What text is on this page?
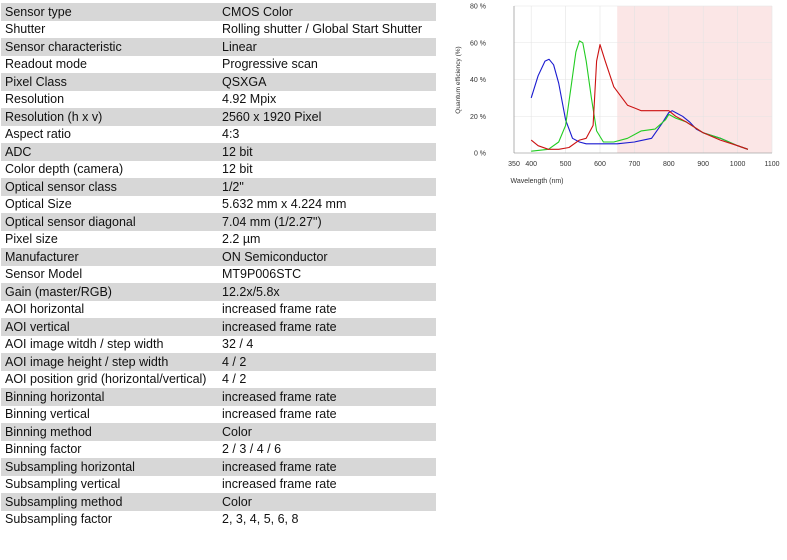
Sensor type	CMOS Color
Shutter	Rolling shutter / Global Start Shutter
Sensor characteristic	Linear
Readout mode	Progressive scan
Pixel Class	QSXGA
Resolution	4.92 Mpix
Resolution (h x v)	2560 x 1920 Pixel
Aspect ratio	4:3
ADC	12 bit
Color depth (camera)	12 bit
Optical sensor class	1/2"
Optical Size	5.632 mm x 4.224 mm
Optical sensor diagonal	7.04 mm (1/2.27")
Pixel size	2.2 µm
Manufacturer	ON Semiconductor
Sensor Model	MT9P006STC
Gain (master/RGB)	12.2x/5.8x
AOI horizontal	increased frame rate
AOI vertical	increased frame rate
AOI image witdh / step width	32 / 4
AOI image height / step width	4 / 2
AOI position grid (horizontal/vertical)	4 / 2
Binning horizontal	increased frame rate
Binning vertical	increased frame rate
Binning method	Color
Binning factor	2 / 3 / 4 / 6
Subsampling horizontal	increased frame rate
Subsampling vertical	increased frame rate
Subsampling method	Color
Subsampling factor	2, 3, 4, 5, 6, 8
350 400	500	600	700	800	900	1000	1100
0 %
20 %
40 %
60 %
80 %
Wavelength (nm)
Quantum efficiency (%)
